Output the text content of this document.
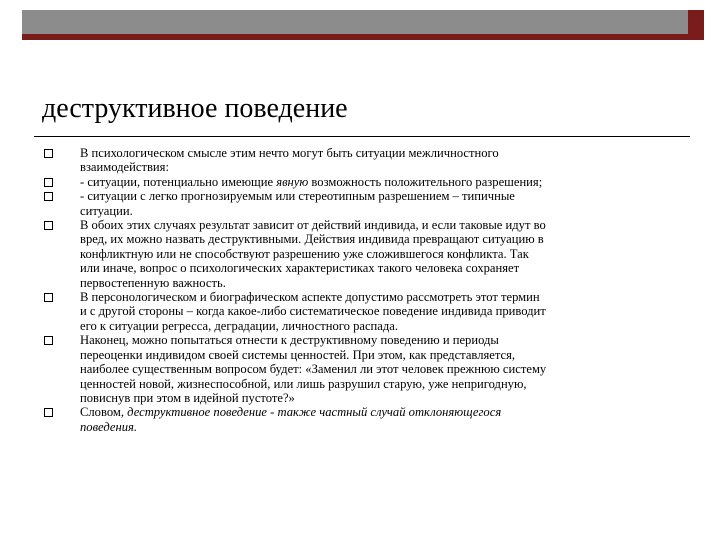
деструктивное поведение
В психологическом смысле этим нечто могут быть ситуации межличностного
взаимодействия:
- ситуации, потенциально имеющие явную возможность положительного разрешения;
- ситуации с легко прогнозируемым или стереотипным разрешением – типичные
ситуации.
В обоих этих случаях результат зависит от действий индивида, и если таковые идут во
вред, их можно назвать деструктивными. Действия индивида превращают ситуацию в
конфликтную или не способствуют разрешению уже сложившегося конфликта. Так
или иначе, вопрос о психологических характеристиках такого человека сохраняет
первостепенную важность.
В персонологическом и биографическом аспекте допустимо рассмотреть этот термин
и с другой стороны – когда какое-либо систематическое поведение индивида приводит
его к ситуации регресса, деградации, личностного распада.
Наконец, можно попытаться отнести к деструктивному поведению и периоды
переоценки индивидом своей системы ценностей. При этом, как представляется,
наиболее существенным вопросом будет: «Заменил ли этот человек прежнюю систему
ценностей новой, жизнеспособной, или лишь разрушил старую, уже непригодную,
повиснув при этом в идейной пустоте?»
Словом, деструктивное поведение - также частный случай отклоняющегося
поведения.
